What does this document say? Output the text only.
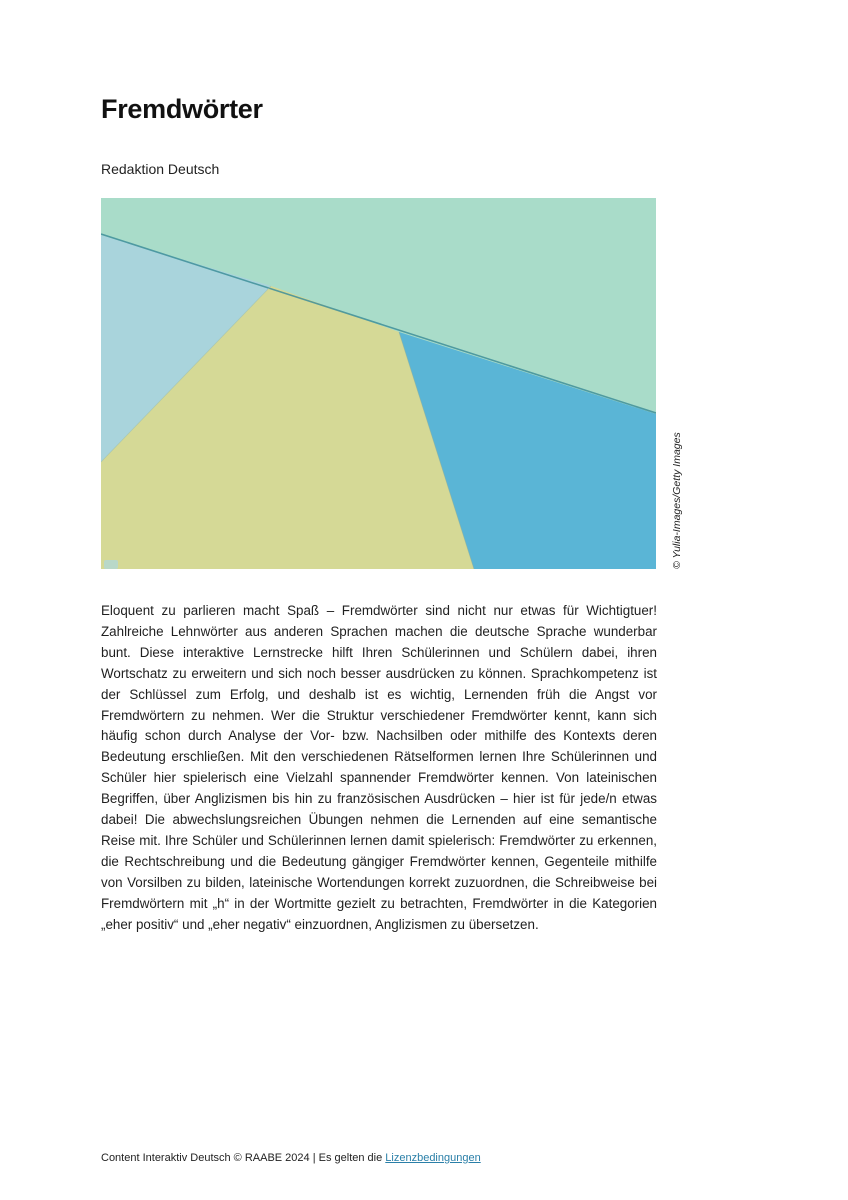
Fremdwörter
Redaktion Deutsch
© Yulia-Images/Getty Images

Eloquent zu parlieren macht Spaß – Fremdwörter sind nicht nur etwas für Wichtigtuer! Zahlreiche Lehnwörter aus anderen Sprachen machen die deutsche Sprache wunderbar bunt. Diese interaktive Lernstrecke hilft Ihren Schülerinnen und Schülern dabei, ihren Wortschatz zu erweitern und sich noch besser ausdrücken zu können. Sprachkompetenz ist der Schlüssel zum Erfolg, und deshalb ist es wichtig, Lernenden früh die Angst vor Fremdwörtern zu nehmen. Wer die Struktur verschiedener Fremdwörter kennt, kann sich häufig schon durch Analyse der Vor- bzw. Nachsilben oder mithilfe des Kontexts deren Bedeutung erschließen. Mit den verschiedenen Rätselformen lernen Ihre Schülerinnen und Schüler hier spielerisch eine Vielzahl spannender Fremdwörter kennen. Von lateinischen Begriffen, über Anglizismen bis hin zu französischen Ausdrücken – hier ist für jede/n etwas dabei! Die abwechslungsreichen Übungen nehmen die Lernenden auf eine semantische Reise mit. Ihre Schüler und Schülerinnen lernen damit spielerisch: Fremdwörter zu erkennen, die Rechtschreibung und die Bedeutung gängiger Fremdwörter kennen, Gegenteile mithilfe von Vorsilben zu bilden, lateinische Wortendungen korrekt zuzuordnen, die Schreibweise bei Fremdwörtern mit „h“ in der Wortmitte gezielt zu betrachten, Fremdwörter in die Kategorien „eher positiv“ und „eher negativ“ einzuordnen, Anglizismen zu übersetzen.

Content Interaktiv Deutsch © RAABE 2024 | Es gelten die Lizenzbedingungen
